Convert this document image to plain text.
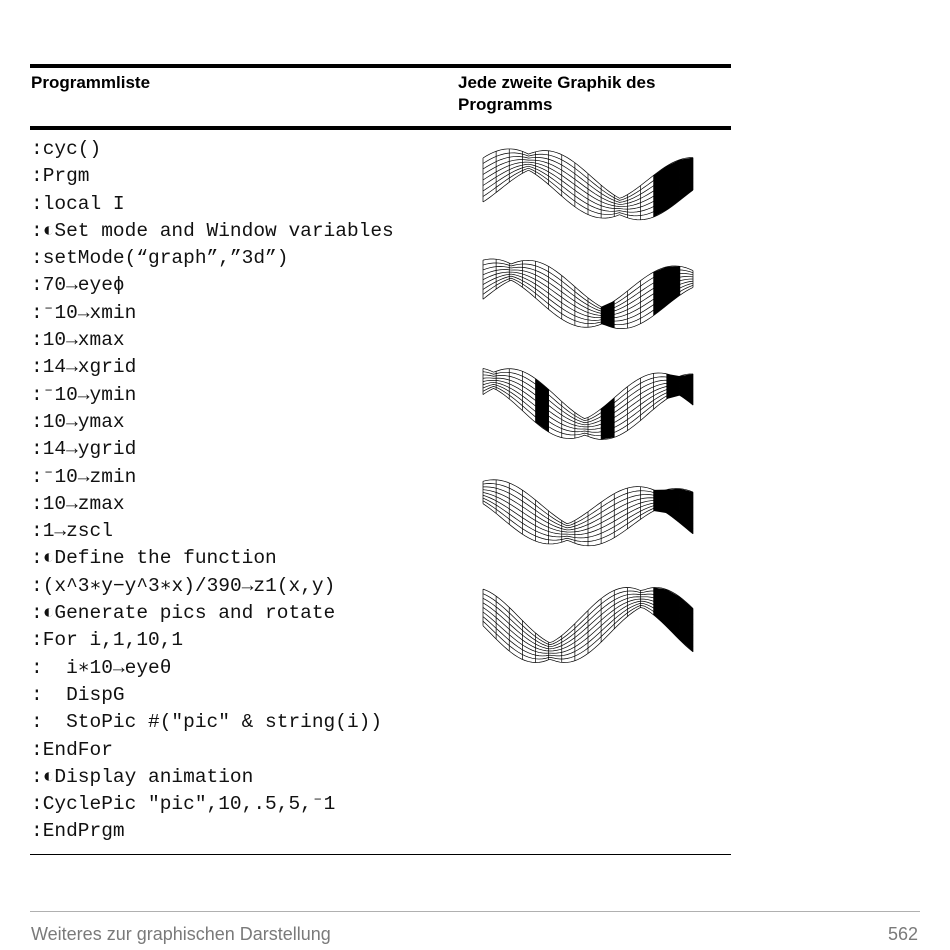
Programmliste	Jede zweite Graphik des Programms
:cyc()
:Prgm
:local I
:◐Set mode and Window variables
:setMode(“graph”,”3d”)
:70→eyeϕ
:⁻10→xmin
:10→xmax
:14→xgrid
:⁻10→ymin
:10→ymax
:14→ygrid
:⁻10→zmin
:10→zmax
:1→zscl
:◐Define the function
:(x^3∗y−y^3∗x)/390→z1(x,y)
:◐Generate pics and rotate
:For i,1,10,1
:  i∗10→eyeθ
:  DispG
:  StoPic #("pic" & string(i))
:EndFor
:◐Display animation
:CyclePic "pic",10,.5,5,⁻1
:EndPrgm
Weiteres zur graphischen Darstellung	562
